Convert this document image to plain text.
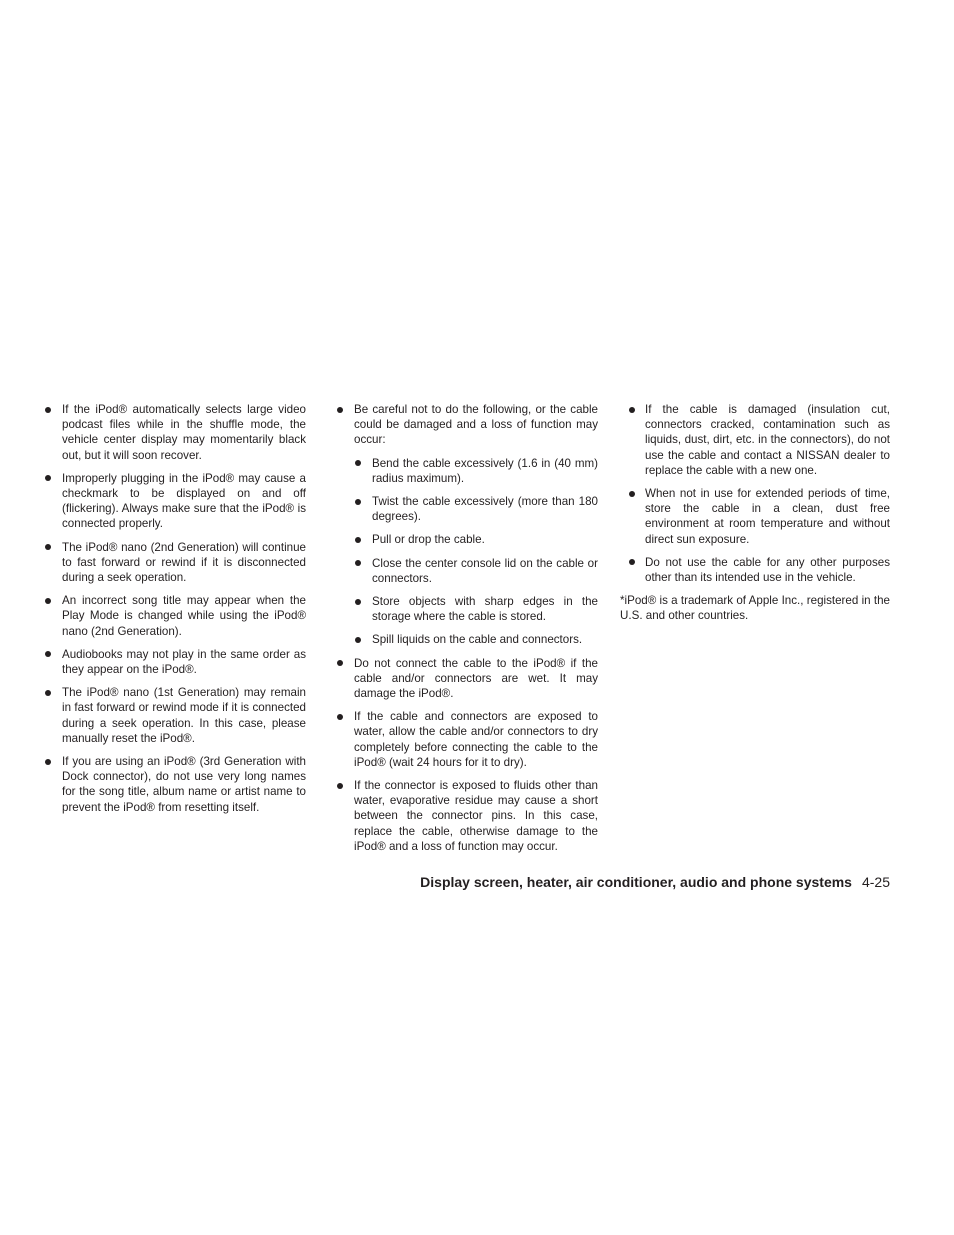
If the iPod® automatically selects large video podcast files while in the shuffle mode, the vehicle center display may momentarily black out, but it will soon recover.
Improperly plugging in the iPod® may cause a checkmark to be displayed on and off (flickering). Always make sure that the iPod® is connected properly.
The iPod® nano (2nd Generation) will continue to fast forward or rewind if it is disconnected during a seek operation.
An incorrect song title may appear when the Play Mode is changed while using the iPod® nano (2nd Generation).
Audiobooks may not play in the same order as they appear on the iPod®.
The iPod® nano (1st Generation) may remain in fast forward or rewind mode if it is connected during a seek operation. In this case, please manually reset the iPod®.
If you are using an iPod® (3rd Generation with Dock connector), do not use very long names for the song title, album name or artist name to prevent the iPod® from resetting itself.
Be careful not to do the following, or the cable could be damaged and a loss of function may occur:
Bend the cable excessively (1.6 in (40 mm) radius maximum).
Twist the cable excessively (more than 180 degrees).
Pull or drop the cable.
Close the center console lid on the cable or connectors.
Store objects with sharp edges in the storage where the cable is stored.
Spill liquids on the cable and connectors.
Do not connect the cable to the iPod® if the cable and/or connectors are wet. It may damage the iPod®.
If the cable and connectors are exposed to water, allow the cable and/or connectors to dry completely before connecting the cable to the iPod® (wait 24 hours for it to dry).
If the connector is exposed to fluids other than water, evaporative residue may cause a short between the connector pins. In this case, replace the cable, otherwise damage to the iPod® and a loss of function may occur.
If the cable is damaged (insulation cut, connectors cracked, contamination such as liquids, dust, dirt, etc. in the connectors), do not use the cable and contact a NISSAN dealer to replace the cable with a new one.
When not in use for extended periods of time, store the cable in a clean, dust free environment at room temperature and without direct sun exposure.
Do not use the cable for any other purposes other than its intended use in the vehicle.

*iPod® is a trademark of Apple Inc., registered in the U.S. and other countries.

Display screen, heater, air conditioner, audio and phone systems 4-25
